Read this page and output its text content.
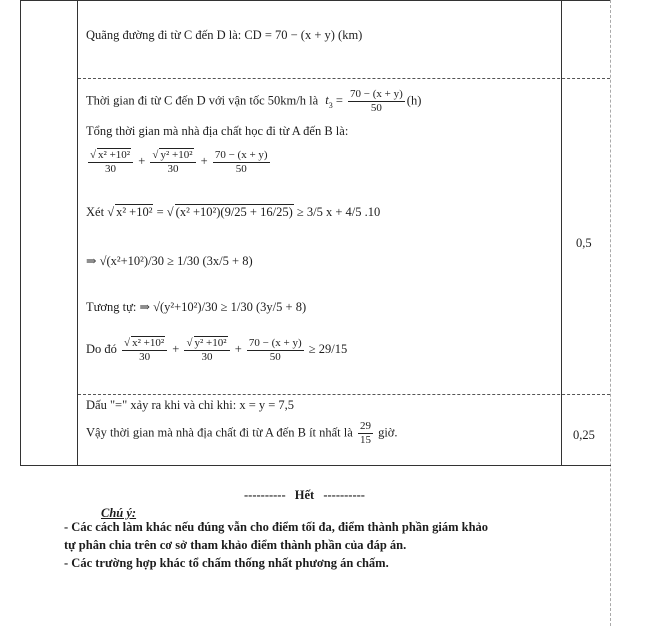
Quãng đường đi từ C đến D là: CD = 70 − (x + y) (km)
Thời gian đi từ C đến D với vận tốc 50km/h là $t_3 = \frac{70 - (x + y)}{50} (h)$
Tổng thời gian mà nhà địa chất học đi từ A đến B là:
√ $\frac{\text{x² +10²}}{30}$ + √ $\frac{\text{y² +10²}}{30} + \frac{70 - (x + y)}{50}$
Xét √ x² +10² = √ (x² +10²)(9/25 + 16/25) ≥ 3/5 x + 4/5 .10
⇒ √(x²+10²)/30 ≥ 1/30 (3x/5 + 8)
Tương tự: ⇒ √(y²+10²)/30 ≥ 1/30 (3y/5 + 8)
Do đó √ $\frac{\text{x² +10²}}{30}$ + √ $\frac{\text{y² +10²}}{30} + \frac{70 - (x + y)}{50} \ge 29/15$
0,5
Dấu "=" xảy ra khi và chỉ khi: x = y = 7,5
Vậy thời gian mà nhà địa chất đi từ A đến B ít nhất là $\frac{29}{15}$ giờ.	0,25
---------- Hết ----------
Chú ý:
- Các cách làm khác nếu đúng vẫn cho điểm tối đa, điểm thành phần giám khảo
tự phân chia trên cơ sở tham khảo điểm thành phần của đáp án.
- Các trường hợp khác tổ chấm thống nhất phương án chấm.
